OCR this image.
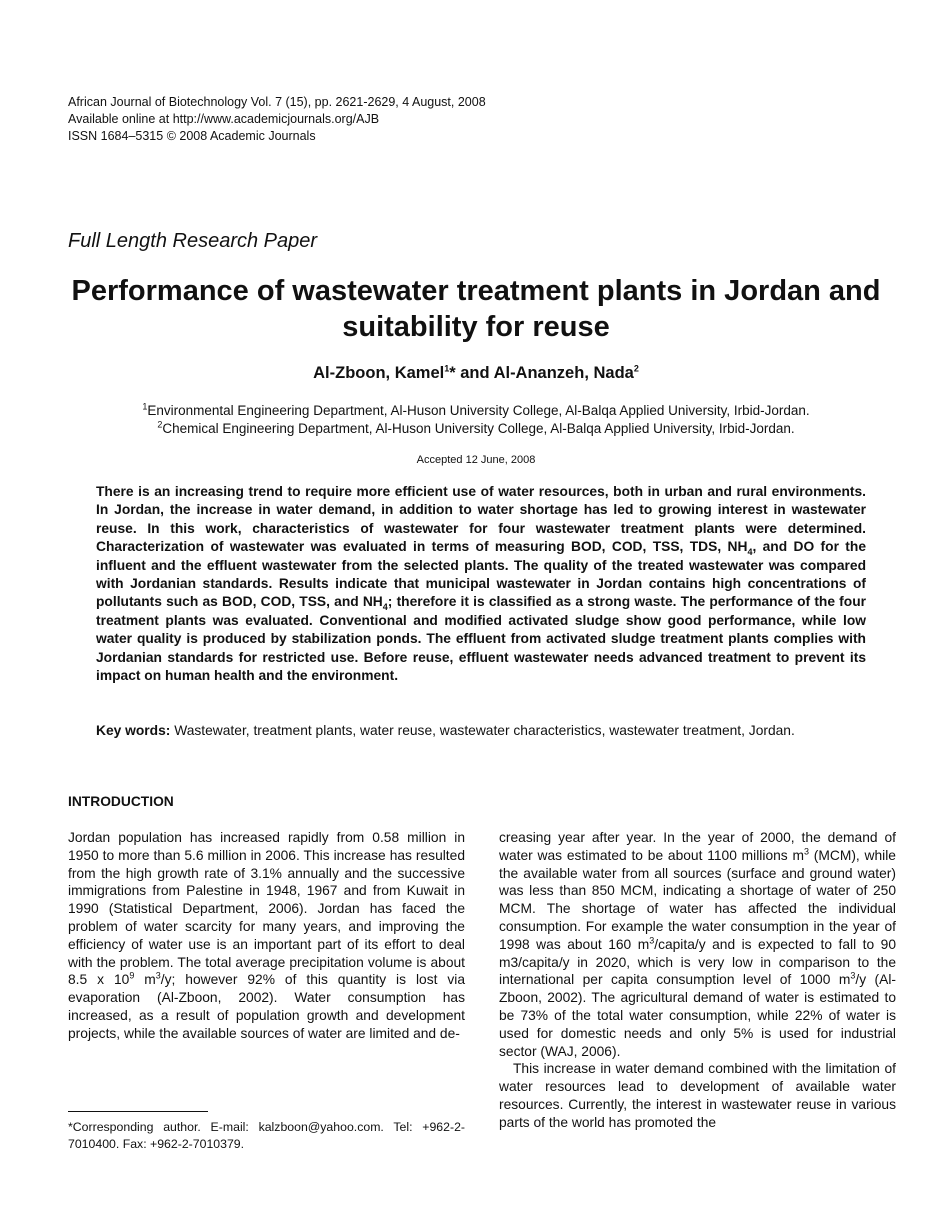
African Journal of Biotechnology Vol. 7 (15), pp. 2621-2629, 4 August, 2008
Available online at http://www.academicjournals.org/AJB
ISSN 1684–5315 © 2008 Academic Journals
Full Length Research Paper
Performance of wastewater treatment plants in Jordan and suitability for reuse
Al-Zboon, Kamel$^1$* and Al-Ananzeh, Nada$^2$
$^1$Environmental Engineering Department, Al-Huson University College, Al-Balqa Applied University, Irbid-Jordan.
$^2$Chemical Engineering Department, Al-Huson University College, Al-Balqa Applied University, Irbid-Jordan.
Accepted 12 June, 2008
There is an increasing trend to require more efficient use of water resources, both in urban and rural environments. In Jordan, the increase in water demand, in addition to water shortage has led to growing interest in wastewater reuse. In this work, characteristics of wastewater for four wastewater treatment plants were determined. Characterization of wastewater was evaluated in terms of measuring BOD, COD, TSS, TDS, $NH_4$, and DO for the influent and the effluent wastewater from the selected plants. The quality of the treated wastewater was compared with Jordanian standards. Results indicate that municipal wastewater in Jordan contains high concentrations of pollutants such as BOD, COD, TSS, and $NH_4$; therefore it is classified as a strong waste. The performance of the four treatment plants was evaluated. Conventional and modified activated sludge show good performance, while low water quality is produced by stabilization ponds. The effluent from activated sludge treatment plants complies with Jordanian standards for restricted use. Before reuse, effluent wastewater needs advanced treatment to prevent its impact on human health and the environment.
Key words: Wastewater, treatment plants, water reuse, wastewater characteristics, wastewater treatment, Jordan.
INTRODUCTION

Jordan population has increased rapidly from 0.58 million in 1950 to more than 5.6 million in 2006. This increase has resulted from the high growth rate of 3.1% annually and the successive immigrations from Palestine in 1948, 1967 and from Kuwait in 1990 (Statistical Department, 2006). Jordan has faced the problem of water scarcity for many years, and improving the efficiency of water use is an important part of its effort to deal with the problem. The total average precipitation volume is about 8.5 x $10^9$ $m^3/y$; however 92% of this quantity is lost via evaporation (Al-Zboon, 2002). Water consumption has increased, as a result of population growth and development projects, while the available sources of water are limited and de-

creasing year after year. In the year of 2000, the demand of water was estimated to be about 1100 millions $m^3$ (MCM), while the available water from all sources (surface and ground water) was less than 850 MCM, indicating a shortage of water of 250 MCM. The shortage of water has affected the individual consumption. For example the water consumption in the year of 1998 was about 160 $m^3/capita/y$ and is expected to fall to 90 m3/capita/y in 2020, which is very low in comparison to the international per capita consumption level of 1000 $m^3/y$ (Al-Zboon, 2002). The agricultural demand of water is estimated to be 73% of the total water consumption, while 22% of water is used for domestic needs and only 5% is used for industrial sector (WAJ, 2006).

This increase in water demand combined with the limitation of water resources lead to development of available water resources. Currently, the interest in wastewater reuse in various parts of the world has promoted the

*Corresponding author. E-mail: kalzboon@yahoo.com. Tel: +962-2-7010400. Fax: +962-2-7010379.
